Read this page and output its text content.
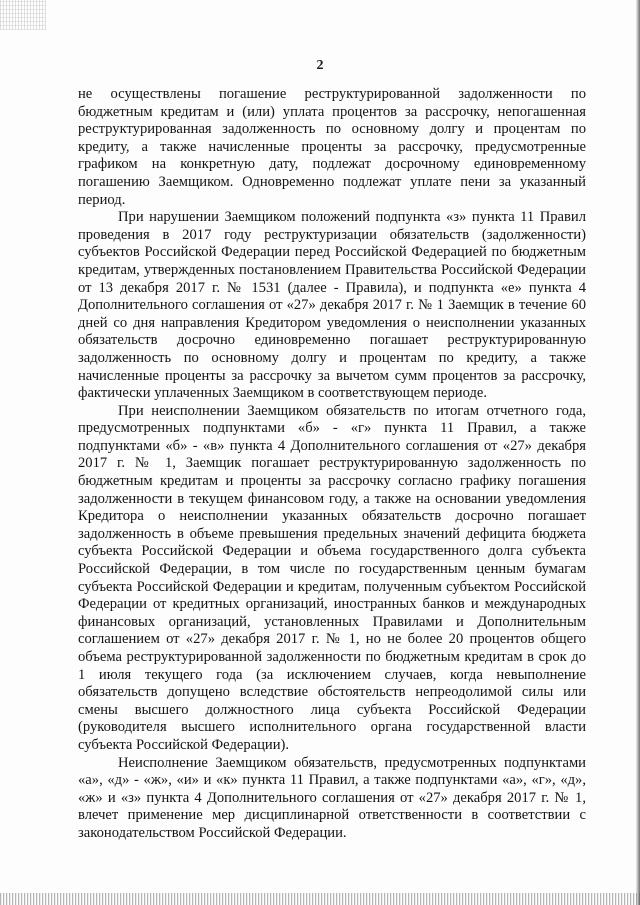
2

не осуществлены погашение реструктурированной задолженности по бюджетным кредитам и (или) уплата процентов за рассрочку, непогашенная реструктурированная задолженность по основному долгу и процентам по кредиту, а также начисленные проценты за рассрочку, предусмотренные графиком на конкретную дату, подлежат досрочному единовременному погашению Заемщиком. Одновременно подлежат уплате пени за указанный период.

При нарушении Заемщиком положений подпункта «з» пункта 11 Правил проведения в 2017 году реструктуризации обязательств (задолженности) субъектов Российской Федерации перед Российской Федерацией по бюджетным кредитам, утвержденных постановлением Правительства Российской Федерации от 13 декабря 2017 г. № 1531 (далее - Правила), и подпункта «е» пункта 4 Дополнительного соглашения от «27» декабря 2017 г. № 1 Заемщик в течение 60 дней со дня направления Кредитором уведомления о неисполнении указанных обязательств досрочно единовременно погашает реструктурированную задолженность по основному долгу и процентам по кредиту, а также начисленные проценты за рассрочку за вычетом сумм процентов за рассрочку, фактически уплаченных Заемщиком в соответствующем периоде.

При неисполнении Заемщиком обязательств по итогам отчетного года, предусмотренных подпунктами «б» - «г» пункта 11 Правил, а также подпунктами «б» - «в» пункта 4 Дополнительного соглашения от «27» декабря 2017 г. № 1, Заемщик погашает реструктурированную задолженность по бюджетным кредитам и проценты за рассрочку согласно графику погашения задолженности в текущем финансовом году, а также на основании уведомления Кредитора о неисполнении указанных обязательств досрочно погашает задолженность в объеме превышения предельных значений дефицита бюджета субъекта Российской Федерации и объема государственного долга субъекта Российской Федерации, в том числе по государственным ценным бумагам субъекта Российской Федерации и кредитам, полученным субъектом Российской Федерации от кредитных организаций, иностранных банков и международных финансовых организаций, установленных Правилами и Дополнительным соглашением от «27» декабря 2017 г. № 1, но не более 20 процентов общего объема реструктурированной задолженности по бюджетным кредитам в срок до 1 июля текущего года (за исключением случаев, когда невыполнение обязательств допущено вследствие обстоятельств непреодолимой силы или смены высшего должностного лица субъекта Российской Федерации (руководителя высшего исполнительного органа государственной власти субъекта Российской Федерации).

Неисполнение Заемщиком обязательств, предусмотренных подпунктами «а», «д» - «ж», «и» и «к» пункта 11 Правил, а также подпунктами «а», «г», «д», «ж» и «з» пункта 4 Дополнительного соглашения от «27» декабря 2017 г. № 1, влечет применение мер дисциплинарной ответственности в соответствии с законодательством Российской Федерации.
